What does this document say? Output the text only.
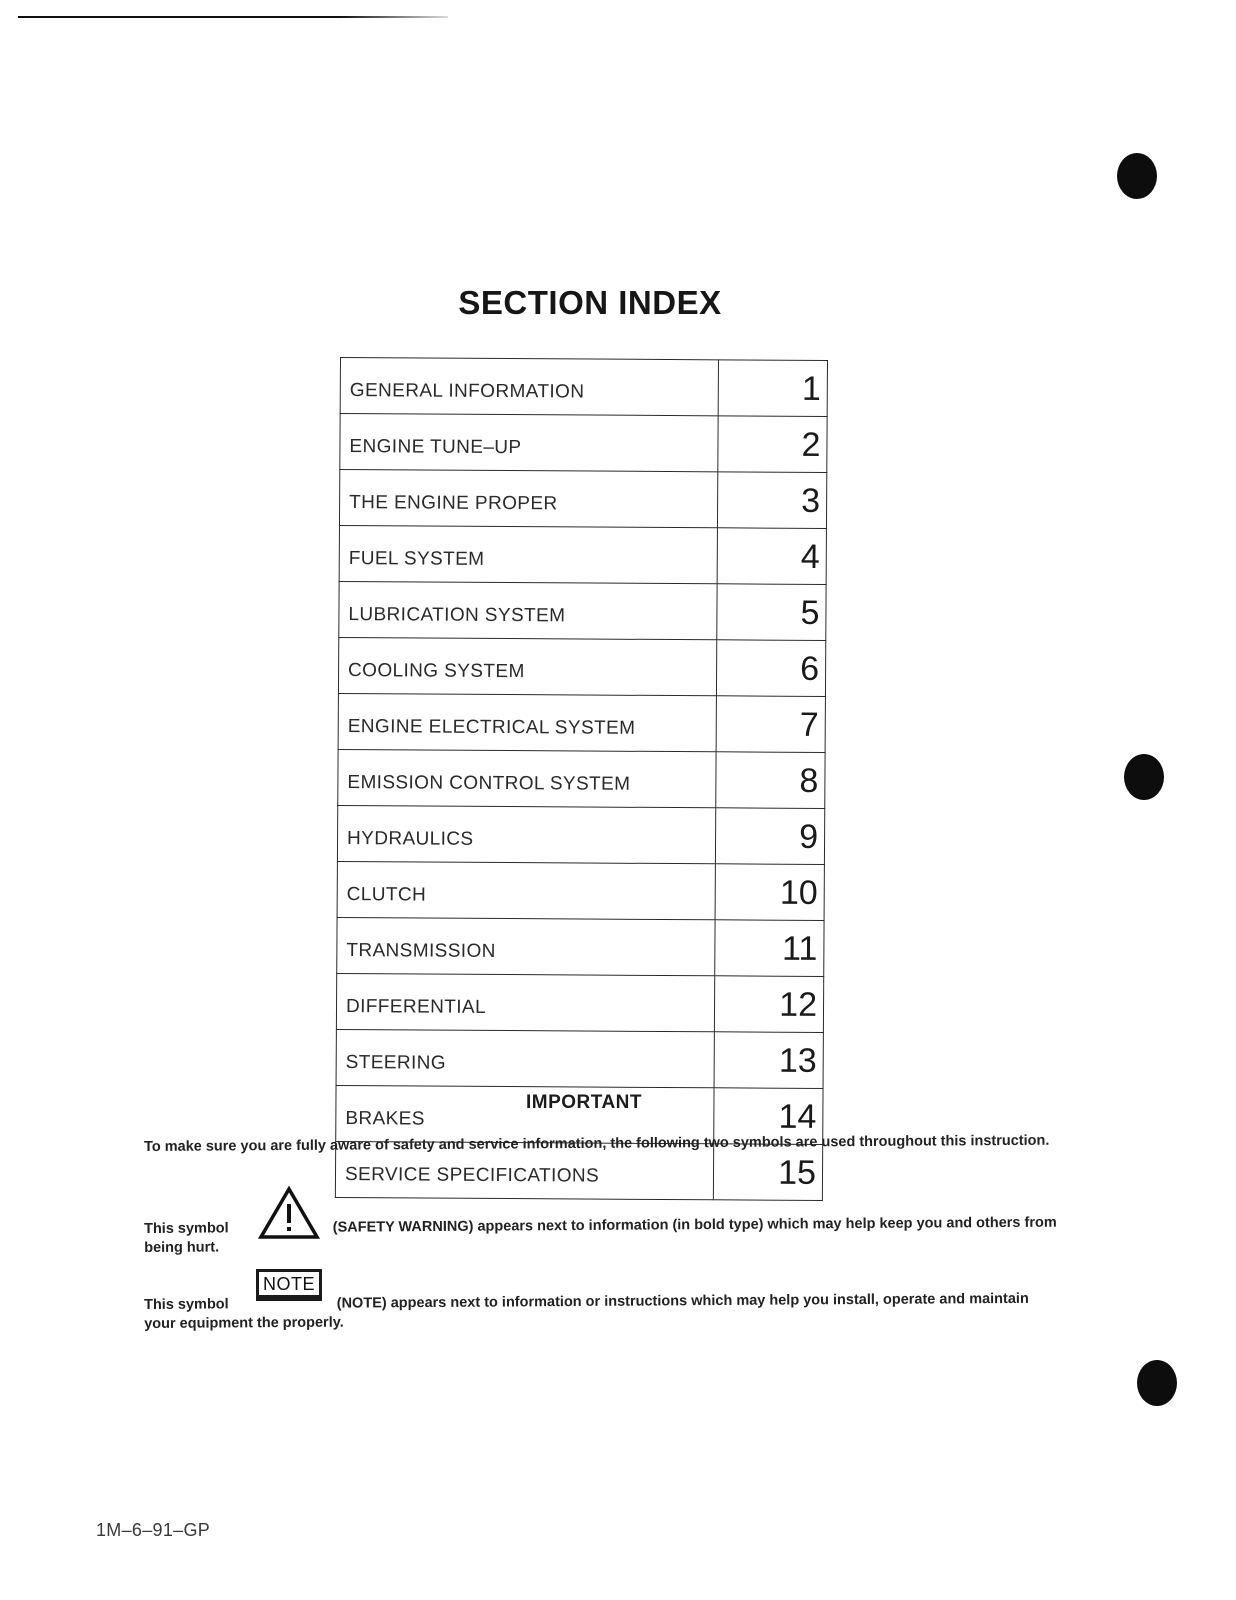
SECTION INDEX
GENERAL INFORMATION	1
ENGINE TUNE–UP	2
THE ENGINE PROPER	3
FUEL SYSTEM	4
LUBRICATION SYSTEM	5
COOLING SYSTEM	6
ENGINE ELECTRICAL SYSTEM	7
EMISSION CONTROL SYSTEM	8
HYDRAULICS	9
CLUTCH	10
TRANSMISSION	11
DIFFERENTIAL	12
STEERING	13
BRAKES	14
SERVICE SPECIFICATIONS	15
IMPORTANT
To make sure you are fully aware of safety and service information, the following two symbols are used throughout this instruction.
This symbol	(SAFETY WARNING) appears next to information (in bold type) which may help keep you and others from being hurt.
This symbol	(NOTE) appears next to information or instructions which may help you install, operate and maintain your equipment the properly.
NOTE
1M–6–91–GP
